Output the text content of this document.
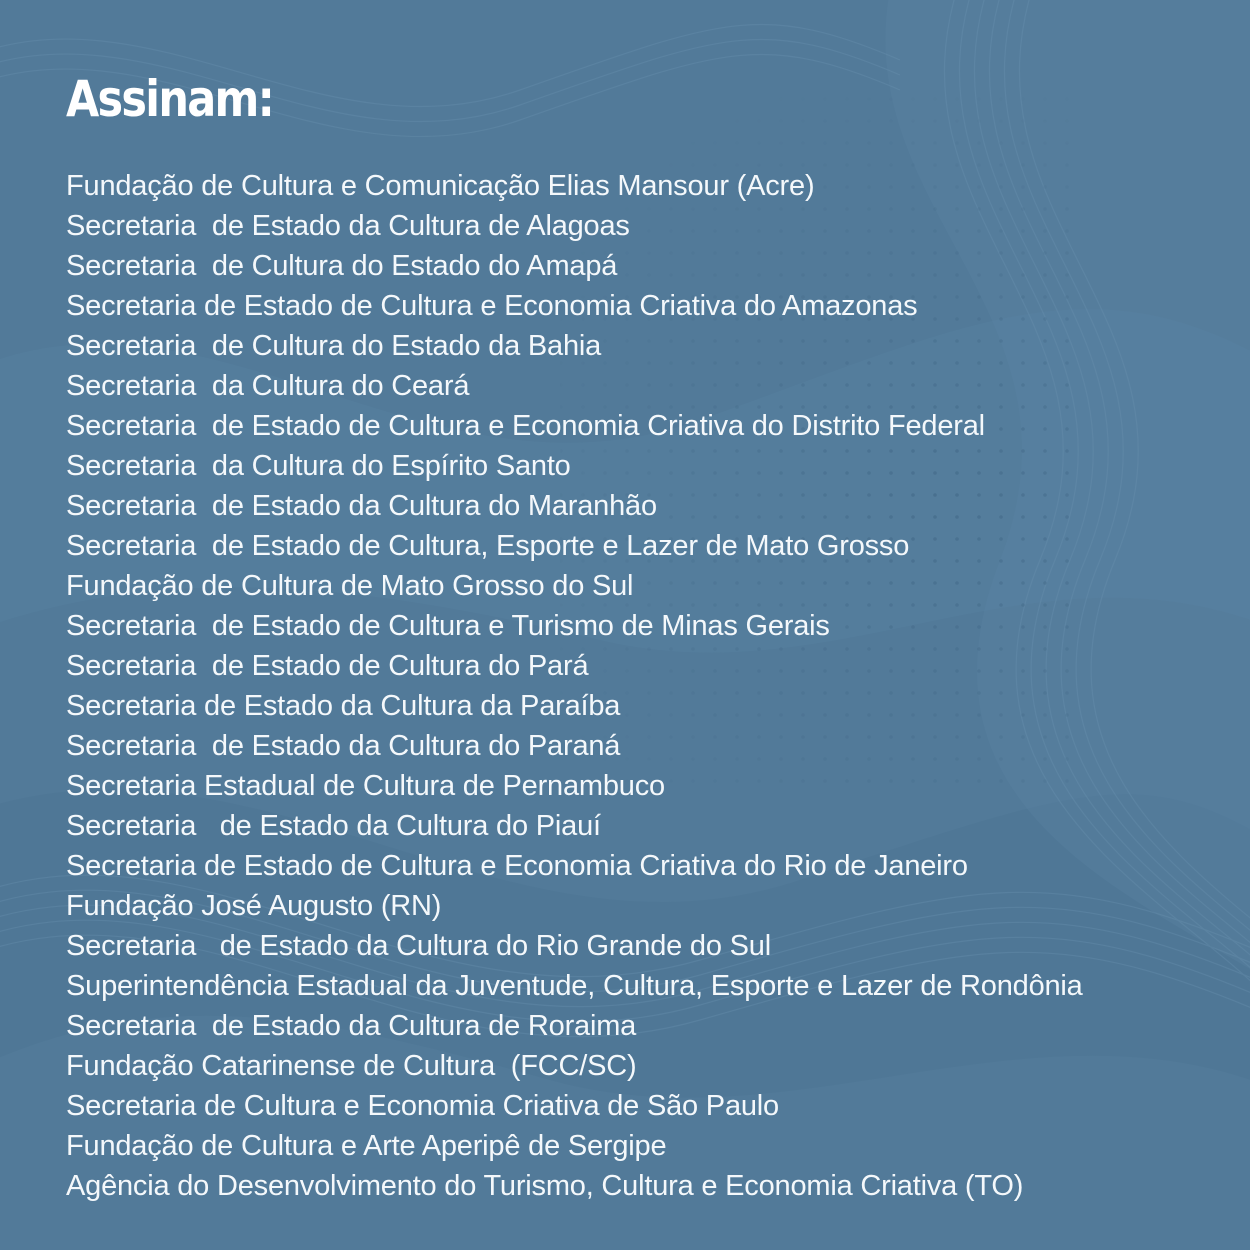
Assinam:
Fundação de Cultura e Comunicação Elias Mansour (Acre)
Secretaria  de Estado da Cultura de Alagoas
Secretaria  de Cultura do Estado do Amapá
Secretaria de Estado de Cultura e Economia Criativa do Amazonas
Secretaria  de Cultura do Estado da Bahia
Secretaria  da Cultura do Ceará
Secretaria  de Estado de Cultura e Economia Criativa do Distrito Federal
Secretaria  da Cultura do Espírito Santo
Secretaria  de Estado da Cultura do Maranhão
Secretaria  de Estado de Cultura, Esporte e Lazer de Mato Grosso
Fundação de Cultura de Mato Grosso do Sul
Secretaria  de Estado de Cultura e Turismo de Minas Gerais
Secretaria  de Estado de Cultura do Pará
Secretaria de Estado da Cultura da Paraíba
Secretaria  de Estado da Cultura do Paraná
Secretaria Estadual de Cultura de Pernambuco
Secretaria   de Estado da Cultura do Piauí
Secretaria de Estado de Cultura e Economia Criativa do Rio de Janeiro
Fundação José Augusto (RN)
Secretaria   de Estado da Cultura do Rio Grande do Sul
Superintendência Estadual da Juventude, Cultura, Esporte e Lazer de Rondônia
Secretaria  de Estado da Cultura de Roraima
Fundação Catarinense de Cultura  (FCC/SC)
Secretaria de Cultura e Economia Criativa de São Paulo
Fundação de Cultura e Arte Aperipê de Sergipe
Agência do Desenvolvimento do Turismo, Cultura e Economia Criativa (TO)
